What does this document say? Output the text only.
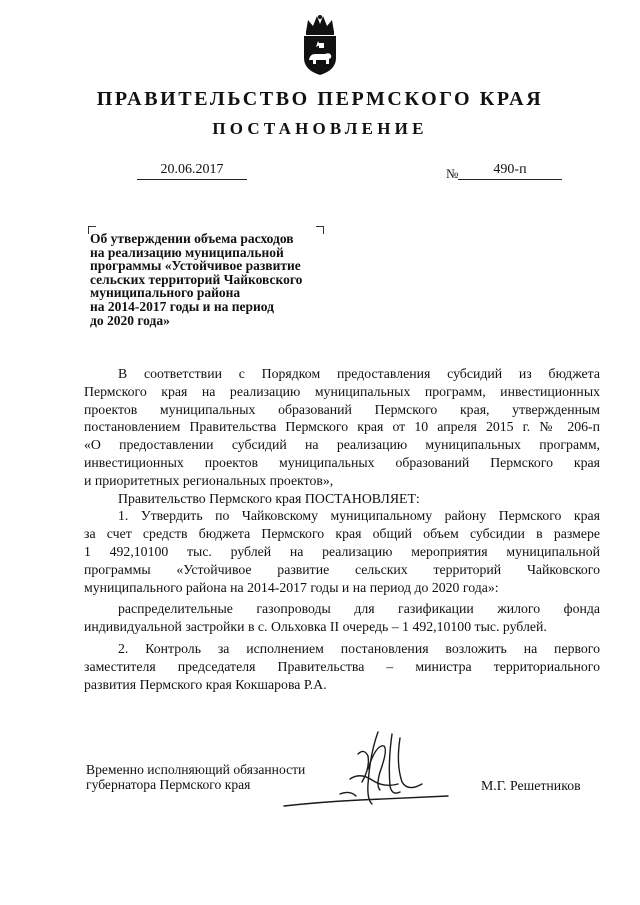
ПРАВИТЕЛЬСТВО ПЕРМСКОГО КРАЯ
ПОСТАНОВЛЕНИЕ
20.06.2017	№	490-п
Об утверждении объема расходов
на реализацию муниципальной
программы «Устойчивое развитие
сельских территорий Чайковского
муниципального района
на 2014-2017 годы и на период
до 2020 года»
В соответствии с Порядком предоставления субсидий из бюджета
Пермского края на реализацию муниципальных программ, инвестиционных
проектов муниципальных образований Пермского края, утвержденным
постановлением Правительства Пермского края от 10 апреля 2015 г. № 206-п
«О предоставлении субсидий на реализацию муниципальных программ,
инвестиционных проектов муниципальных образований Пермского края
и приоритетных региональных проектов»,
Правительство Пермского края ПОСТАНОВЛЯЕТ:
1. Утвердить по Чайковскому муниципальному району Пермского края
за счет средств бюджета Пермского края общий объем субсидии в размере
1 492,10100 тыс. рублей на реализацию мероприятия муниципальной
программы «Устойчивое развитие сельских территорий Чайковского
муниципального района на 2014-2017 годы и на период до 2020 года»:
распределительные газопроводы для газификации жилого фонда
индивидуальной застройки в с. Ольховка II очередь – 1 492,10100 тыс. рублей.
2. Контроль за исполнением постановления возложить на первого
заместителя председателя Правительства – министра территориального
развития Пермского края Кокшарова Р.А.
Временно исполняющий обязанности
губернатора Пермского края	М.Г. Решетников
